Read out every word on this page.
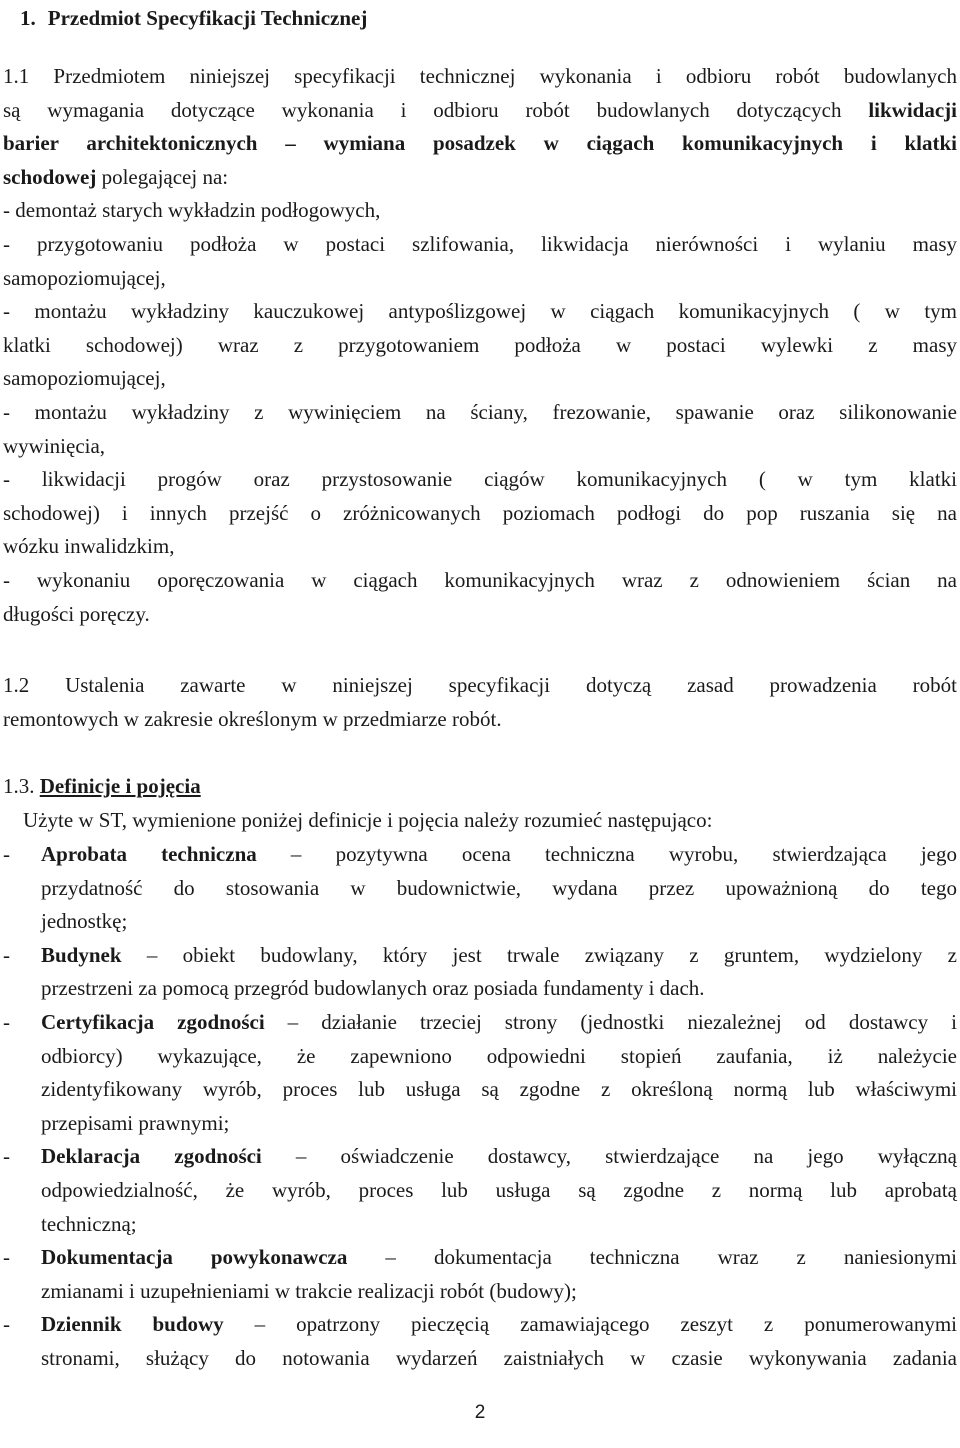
1. Przedmiot Specyfikacji Technicznej

1.1 Przedmiotem niniejszej specyfikacji technicznej wykonania i odbioru robót budowlanych

są wymagania dotyczące wykonania i odbioru robót budowlanych dotyczących likwidacji

barier architektonicznych – wymiana posadzek w ciągach komunikacyjnych i klatki

schodowej polegającej na:

- demontaż starych wykładzin podłogowych,

- przygotowaniu podłoża w postaci szlifowania, likwidacja nierówności i wylaniu masy

samopoziomującej,

- montażu wykładziny kauczukowej antypoślizgowej w ciągach komunikacyjnych ( w tym

klatki schodowej) wraz z przygotowaniem podłoża w postaci wylewki z masy

samopoziomującej,

- montażu wykładziny z wywinięciem na ściany, frezowanie, spawanie oraz silikonowanie

wywinięcia,

- likwidacji progów oraz przystosowanie ciągów komunikacyjnych ( w tym klatki

schodowej) i innych przejść o zróżnicowanych poziomach podłogi do pop ruszania się na

wózku inwalidzkim,

- wykonaniu oporęczowania w ciągach komunikacyjnych wraz z odnowieniem ścian na

długości poręczy.

1.2 Ustalenia zawarte w niniejszej specyfikacji dotyczą zasad prowadzenia robót

remontowych w zakresie określonym w przedmiarze robót.

1.3. Definicje i pojęcia

Użyte w ST, wymienione poniżej definicje i pojęcia należy rozumieć następująco:

-	Aprobata techniczna – pozytywna ocena techniczna wyrobu, stwierdzająca jego

przydatność do stosowania w budownictwie, wydana przez upoważnioną do tego

jednostkę;

-	Budynek – obiekt budowlany, który jest trwale związany z gruntem, wydzielony z

przestrzeni za pomocą przegród budowlanych oraz posiada fundamenty i dach.

-	Certyfikacja zgodności – działanie trzeciej strony (jednostki niezależnej od dostawcy i

odbiorcy) wykazujące, że zapewniono odpowiedni stopień zaufania, iż należycie

zidentyfikowany wyrób, proces lub usługa są zgodne z określoną normą lub właściwymi

przepisami prawnymi;

-	Deklaracja zgodności – oświadczenie dostawcy, stwierdzające na jego wyłączną

odpowiedzialność, że wyrób, proces lub usługa są zgodne z normą lub aprobatą

techniczną;

-	Dokumentacja powykonawcza – dokumentacja techniczna wraz z naniesionymi

zmianami i uzupełnieniami w trakcie realizacji robót (budowy);

-	Dziennik budowy – opatrzony pieczęcią zamawiającego zeszyt z ponumerowanymi

stronami, służący do notowania wydarzeń zaistniałych w czasie wykonywania zadania

2
